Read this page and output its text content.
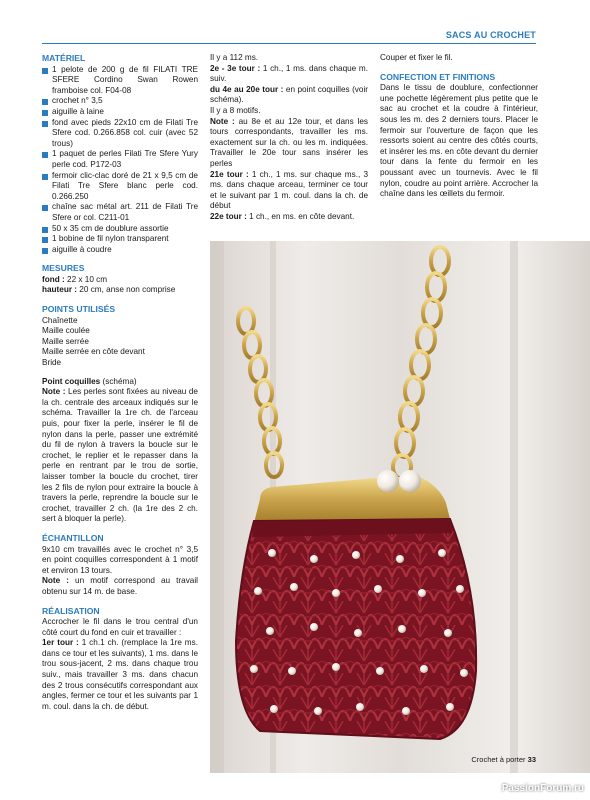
SACS AU CROCHET
MATÉRIEL
1 pelote de 200 g de fil FILATI TRE SFERE Cordino Swan Rowen framboise col. F04-08
crochet n° 3,5
aiguille à laine
fond avec pieds 22x10 cm de Filati Tre Sfere cod. 0.266.858 col. cuir (avec 52 trous)
1 paquet de perles Filati Tre Sfere Yury perle cod. P172-03
fermoir clic-clac doré de 21 x 9,5 cm de Filati Tre Sfere blanc perle cod. 0.266.250
chaîne sac métal art. 211 de Filati Tre Sfere or col. C211-01
50 x 35 cm de doublure assortie
1 bobine de fil nylon transparent
aiguille à coudre
MESURES
fond : 22 x 10 cm
hauteur : 20 cm, anse non comprise
POINTS UTILISÉS
Chaînette
Maille coulée
Maille serrée
Maille serrée en côte devant
Bride
Point coquilles (schéma)
Note : Les perles sont fixées au niveau de la ch. centrale des arceaux indiqués sur le schéma. Travailler la 1re ch. de l'arceau puis, pour fixer la perle, insérer le fil de nylon dans la perle, passer une extrémité du fil de nylon à travers la boucle sur le crochet, le replier et le repasser dans la perle en rentrant par le trou de sortie, laisser tomber la boucle du crochet, tirer les 2 fils de nylon pour extraire la boucle à travers la perle, reprendre la boucle sur le crochet, travailler 2 ch. (la 1re des 2 ch. sert à bloquer la perle).
ÉCHANTILLON
9x10 cm travaillés avec le crochet n° 3,5 en point coquilles correspondent à 1 motif et environ 13 tours.
Note : un motif correspond au travail obtenu sur 14 m. de base.
RÉALISATION
Accrocher le fil dans le trou central d'un côté court du fond en cuir et travailler :
1er tour : 1 ch.1 ch. (remplace la 1re ms. dans ce tour et les suivants), 1 ms. dans le trou sous-jacent, 2 ms. dans chaque trou suiv., mais travailler 3 ms. dans chacun des 2 trous consécutifs correspondant aux angles, fermer ce tour et les suivants par 1 m. coul. dans la ch. de début.
Il y a 112 ms.
2e - 3e tour : 1 ch., 1 ms. dans chaque m. suiv.
du 4e au 20e tour : en point coquilles (voir schéma).
Il y a 8 motifs.
Note : au 8e et au 12e tour, et dans les tours correspondants, travailler les ms. exactement sur la ch. ou les m. indiquées. Travailler le 20e tour sans insérer les perles
21e tour : 1 ch., 1 ms. sur chaque ms., 3 ms. dans chaque arceau, terminer ce tour et le suivant par 1 m. coul. dans la ch. de début
22e tour : 1 ch., en ms. en côte devant.
Couper et fixer le fil.
CONFECTION ET FINITIONS
Dans le tissu de doublure, confectionner une pochette légèrement plus petite que le sac au crochet et la coudre à l'intérieur, sous les m. des 2 derniers tours. Placer le fermoir sur l'ouverture de façon que les ressorts soient au centre des côtés courts, et insérer les ms. en côte devant du dernier tour dans la fente du fermoir en les poussant avec un tournevis. Avec le fil nylon, coudre au point arrière. Accrocher la chaîne dans les œillets du fermoir.
Crochet à porter 33
PassionForum.ru
